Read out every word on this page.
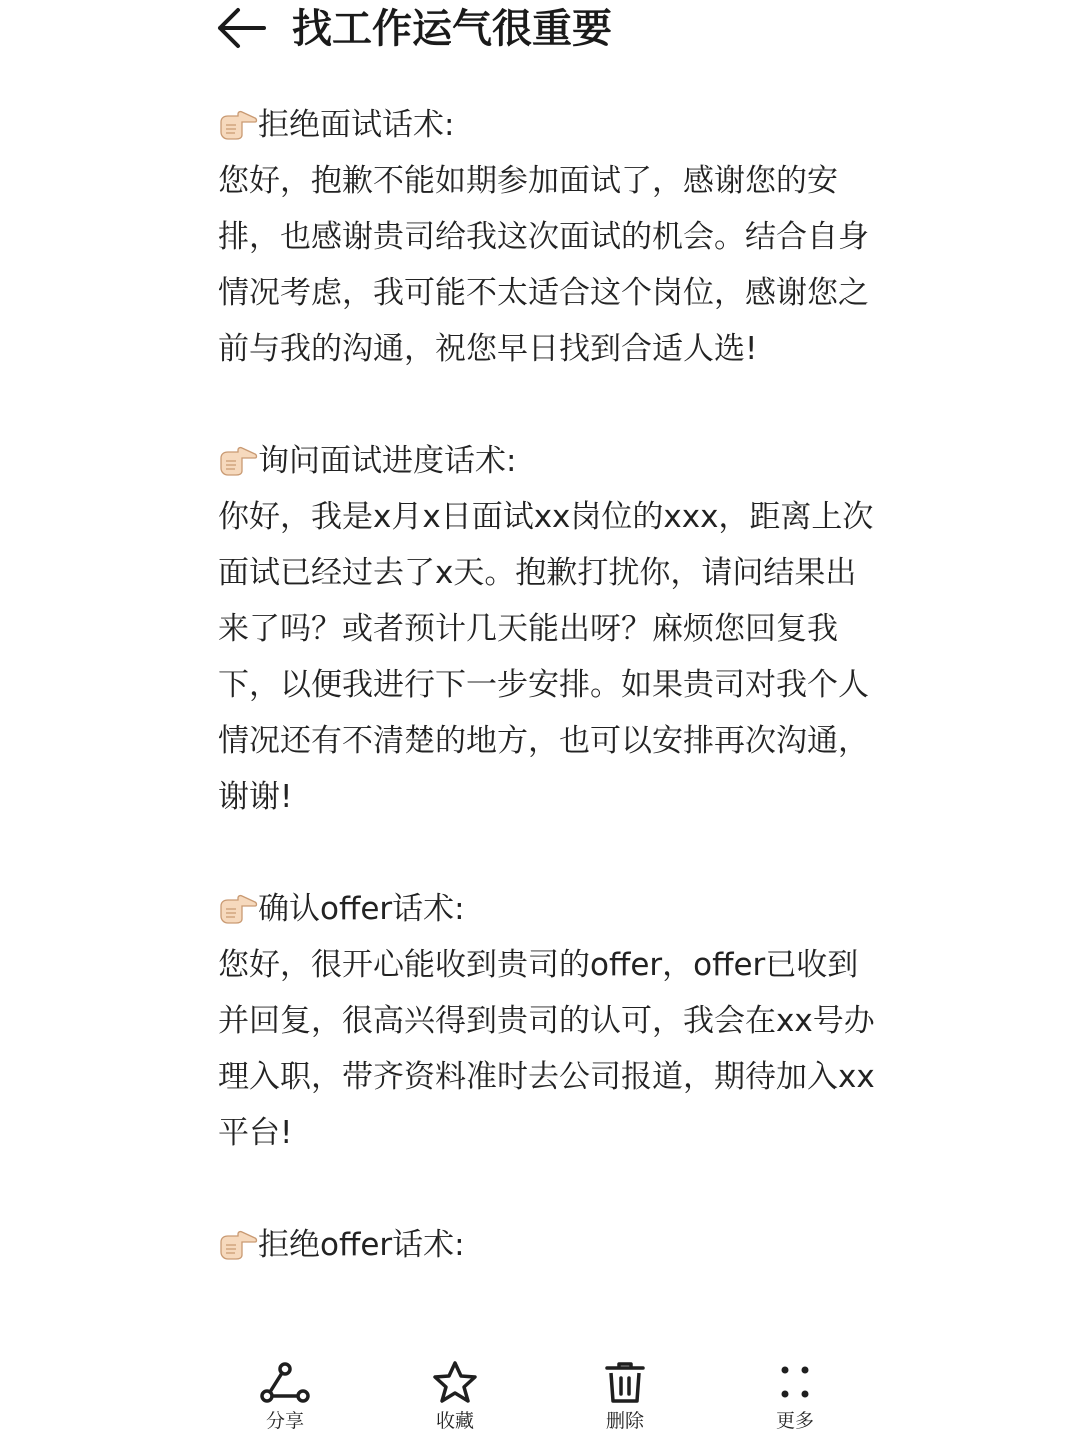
找工作运气很重要
拒绝面试话术:

您好，抱歉不能如期参加面试了，感谢您的安排，也感谢贵司给我这次面试的机会。结合自身情况考虑，我可能不太适合这个岗位，感谢您之前与我的沟通，祝您早日找到合适人选!

询问面试进度话术:

你好，我是x月x日面试xx岗位的xxx，距离上次面试已经过去了x天。抱歉打扰你，请问结果出来了吗？或者预计几天能出呀？麻烦您回复我下，以便我进行下一步安排。如果贵司对我个人情况还有不清楚的地方，也可以安排再次沟通，谢谢!

确认offer话术:

您好，很开心能收到贵司的offer，offer已收到并回复，很高兴得到贵司的认可，我会在xx号办理入职，带齐资料准时去公司报道，期待加入xx平台!

拒绝offer话术:

分享	收藏	删除	更多
